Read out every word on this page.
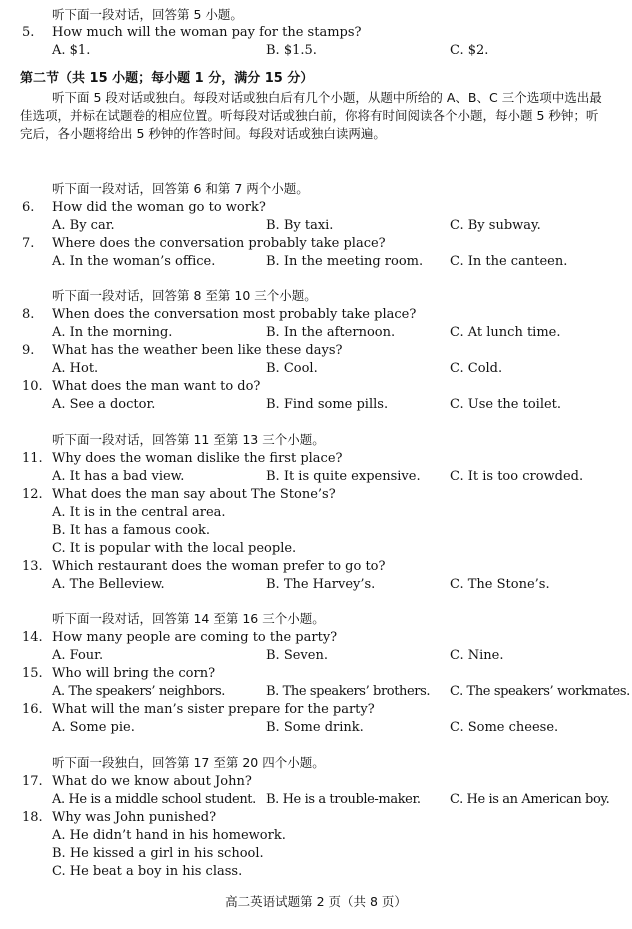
听下面一段对话，回答第 5 小题。
5. How much will the woman pay for the stamps?
A. $1.	B. $1.5.	C. $2.
第二节（共 15 小题；每小题 1 分，满分 15 分）
听下面 5 段对话或独白。每段对话或独白后有几个小题，从题中所给的 A、B、C 三个选项中选出最佳选项，并标在试题卷的相应位置。听每段对话或独白前，你将有时间阅读各个小题，每小题 5 秒钟；听完后，各小题将给出 5 秒钟的作答时间。每段对话或独白读两遍。
听下面一段对话，回答第 6 和第 7 两个小题。
6. How did the woman go to work?
A. By car.	B. By taxi.	C. By subway.
7. Where does the conversation probably take place?
A. In the woman’s office.	B. In the meeting room. C. In the canteen.
听下面一段对话，回答第 8 至第 10 三个小题。
8. When does the conversation most probably take place?
A. In the morning.	B. In the afternoon.	C. At lunch time.
9. What has the weather been like these days?
A. Hot.	B. Cool.	C. Cold.
10. What does the man want to do?
A. See a doctor.	B. Find some pills.	C. Use the toilet.
听下面一段对话，回答第 11 至第 13 三个小题。
11. Why does the woman dislike the first place?
A. It has a bad view.	B. It is quite expensive. C. It is too crowded.
12. What does the man say about The Stone’s?
A. It is in the central area.
B. It has a famous cook.
C. It is popular with the local people.
13. Which restaurant does the woman prefer to go to?
A. The Belleview.	B. The Harvey’s.	C. The Stone’s.
听下面一段对话，回答第 14 至第 16 三个小题。
14. How many people are coming to the party?
A. Four.	B. Seven.	C. Nine.
15. Who will bring the corn?
A. The speakers’ neighbors.	B. The speakers’ brothers. C. The speakers’ workmates.
16. What will the man’s sister prepare for the party?
A. Some pie.	B. Some drink.	C. Some cheese.
听下面一段独白，回答第 17 至第 20 四个小题。
17. What do we know about John?
A. He is a middle school student. B. He is a trouble-maker. C. He is an American boy.
18. Why was John punished?
A. He didn’t hand in his homework.
B. He kissed a girl in his school.
C. He beat a boy in his class.
高二英语试题第 2 页（共 8 页）
